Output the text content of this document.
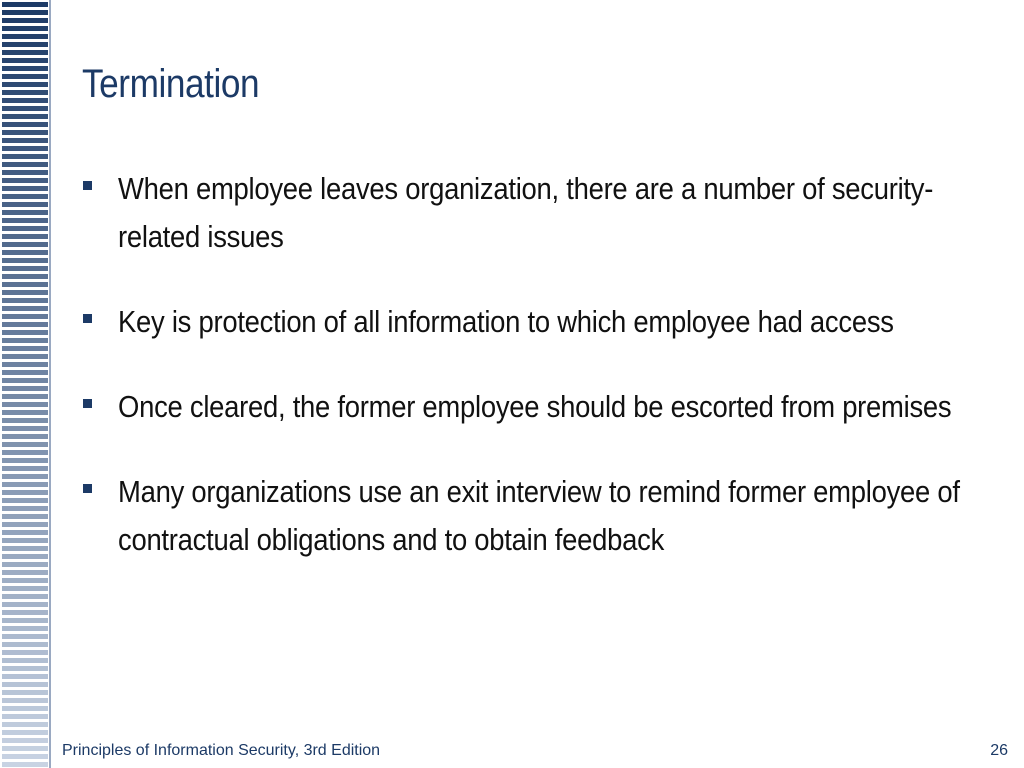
Termination
When employee leaves organization, there are a number of security-related issues
Key is protection of all information to which employee had access
Once cleared, the former employee should be escorted from premises
Many organizations use an exit interview to remind former employee of contractual obligations and to obtain feedback
Principles of Information Security, 3rd Edition	26
